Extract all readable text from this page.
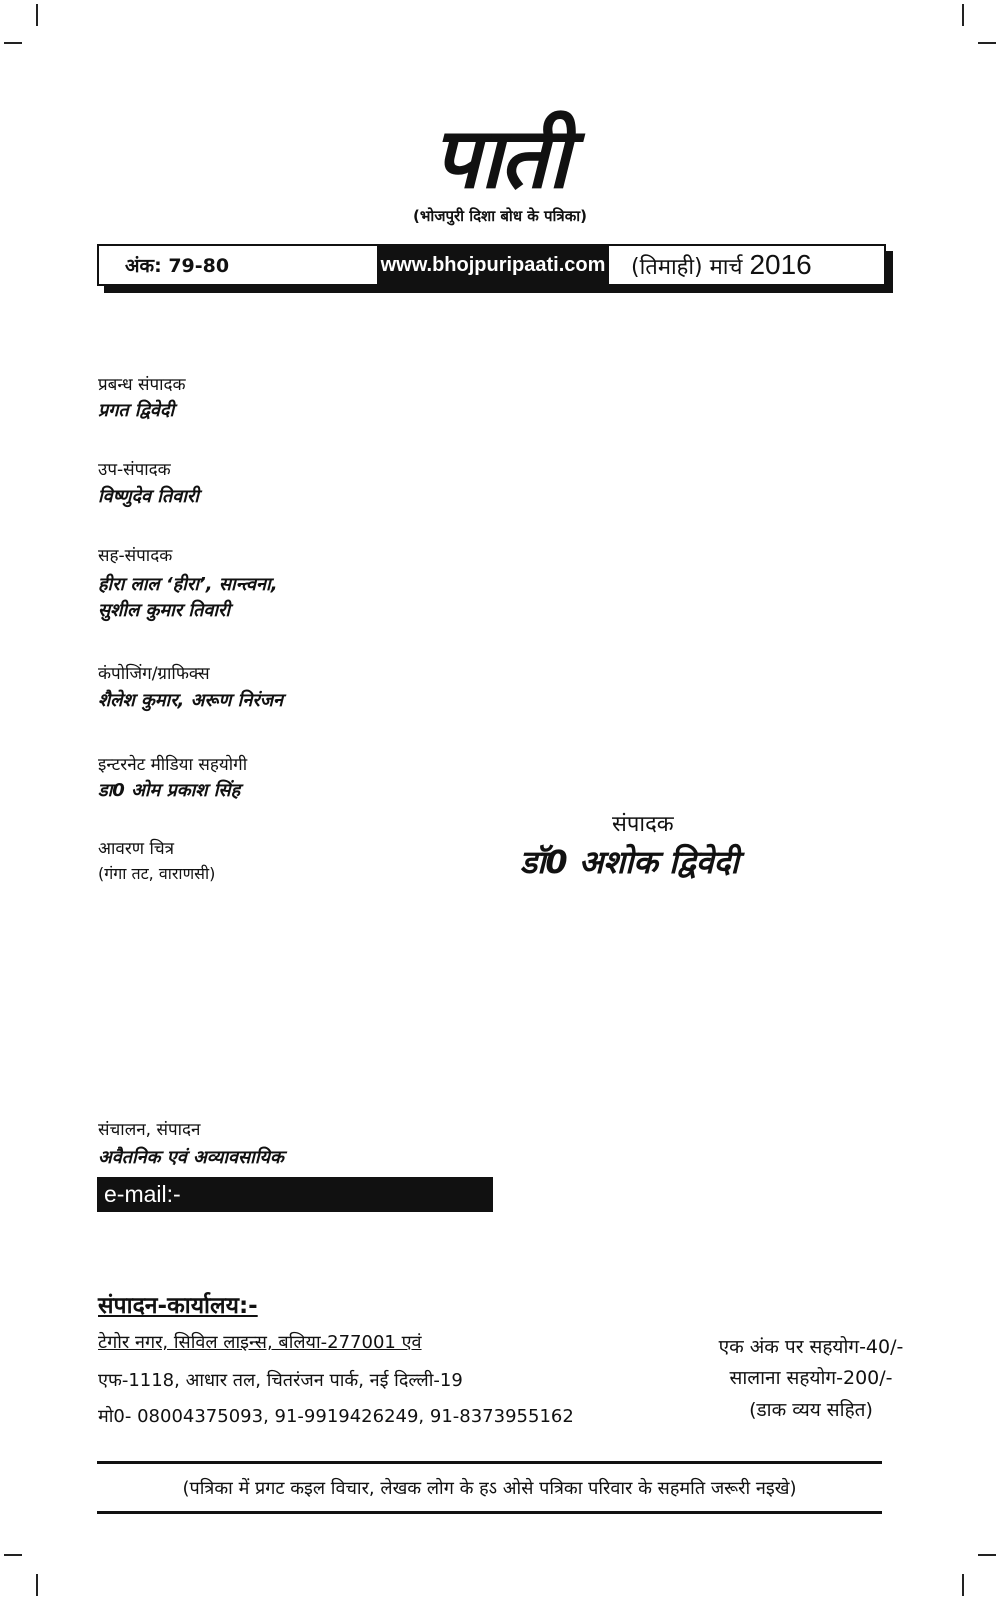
पाती
(भोजपुरी दिशा बोध के पत्रिका)
अंक: 79-80	www.bhojpuripaati.com (तिमाही) मार्च 2016
प्रबन्ध संपादक
प्रगत द्विवेदी
उप-संपादक
विष्णुदेव तिवारी
सह-संपादक
हीरा लाल ‘हीरा’, सान्त्वना,
सुशील कुमार तिवारी
कंपोजिंग/ग्राफिक्स
शैलेश कुमार, अरूण निरंजन
इन्टरनेट मीडिया सहयोगी
डा0 ओम प्रकाश सिंह
आवरण चित्र
(गंगा तट, वाराणसी)
संपादक
डॉ0 अशोक द्विवेदी
संचालन, संपादन
अवैतनिक एवं अव्यावसायिक
e-mail:-ashok.dvivedipaati@gmail.com
संपादन-कार्यालय:-
टेगोर नगर, सिविल लाइन्स, बलिया-277001 एवं
एफ-1118, आधार तल, चितरंजन पार्क, नई दिल्ली-19
मो0- 08004375093, 91-9919426249, 91-8373955162
एक अंक पर सहयोग-40/-
सालाना सहयोग-200/-
(डाक व्यय सहित)
(पत्रिका में प्रगट कइल विचार, लेखक लोग के हऽ ओसे पत्रिका परिवार के सहमति जरूरी नइखे)
